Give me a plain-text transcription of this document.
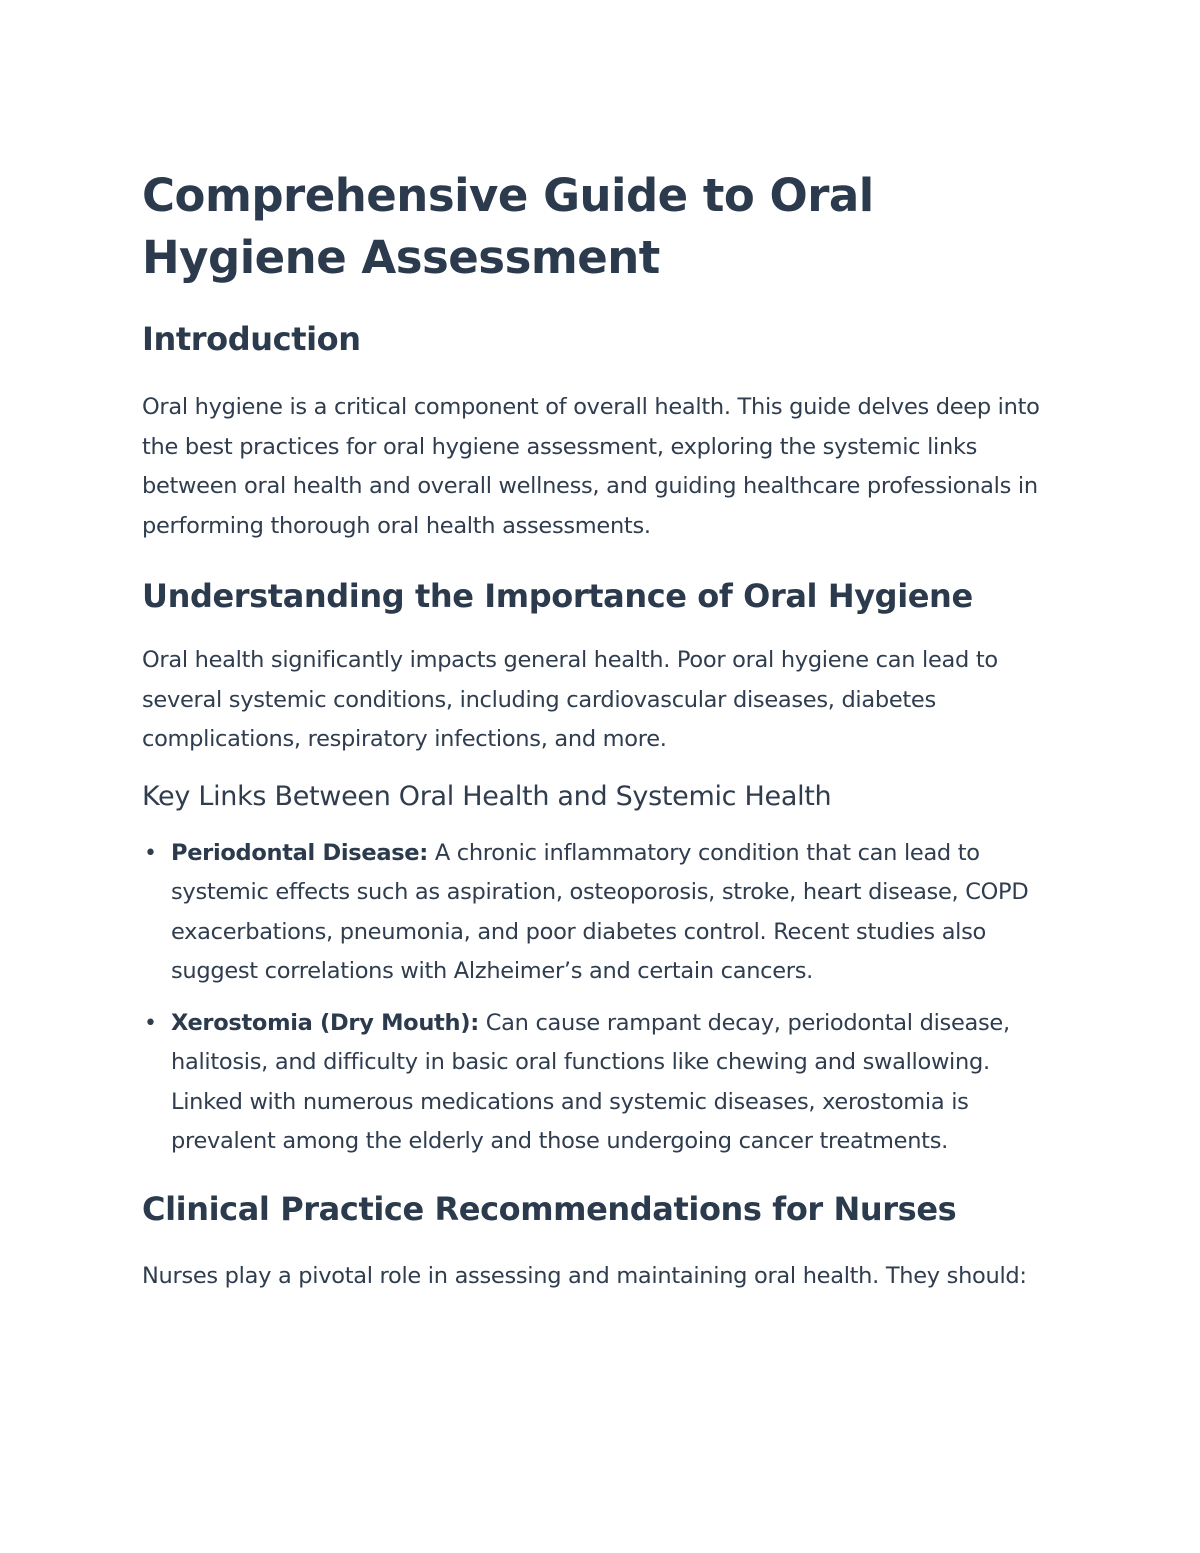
Comprehensive Guide to Oral Hygiene Assessment
Introduction

Oral hygiene is a critical component of overall health. This guide delves deep into the best practices for oral hygiene assessment, exploring the systemic links between oral health and overall wellness, and guiding healthcare professionals in performing thorough oral health assessments.

Understanding the Importance of Oral Hygiene

Oral health significantly impacts general health. Poor oral hygiene can lead to several systemic conditions, including cardiovascular diseases, diabetes complications, respiratory infections, and more.

Key Links Between Oral Health and Systemic Health
• Periodontal Disease: A chronic inflammatory condition that can lead to systemic effects such as aspiration, osteoporosis, stroke, heart disease, COPD exacerbations, pneumonia, and poor diabetes control. Recent studies also suggest correlations with Alzheimer’s and certain cancers.
• Xerostomia (Dry Mouth): Can cause rampant decay, periodontal disease, halitosis, and difficulty in basic oral functions like chewing and swallowing. Linked with numerous medications and systemic diseases, xerostomia is prevalent among the elderly and those undergoing cancer treatments.
Clinical Practice Recommendations for Nurses

Nurses play a pivotal role in assessing and maintaining oral health. They should:
